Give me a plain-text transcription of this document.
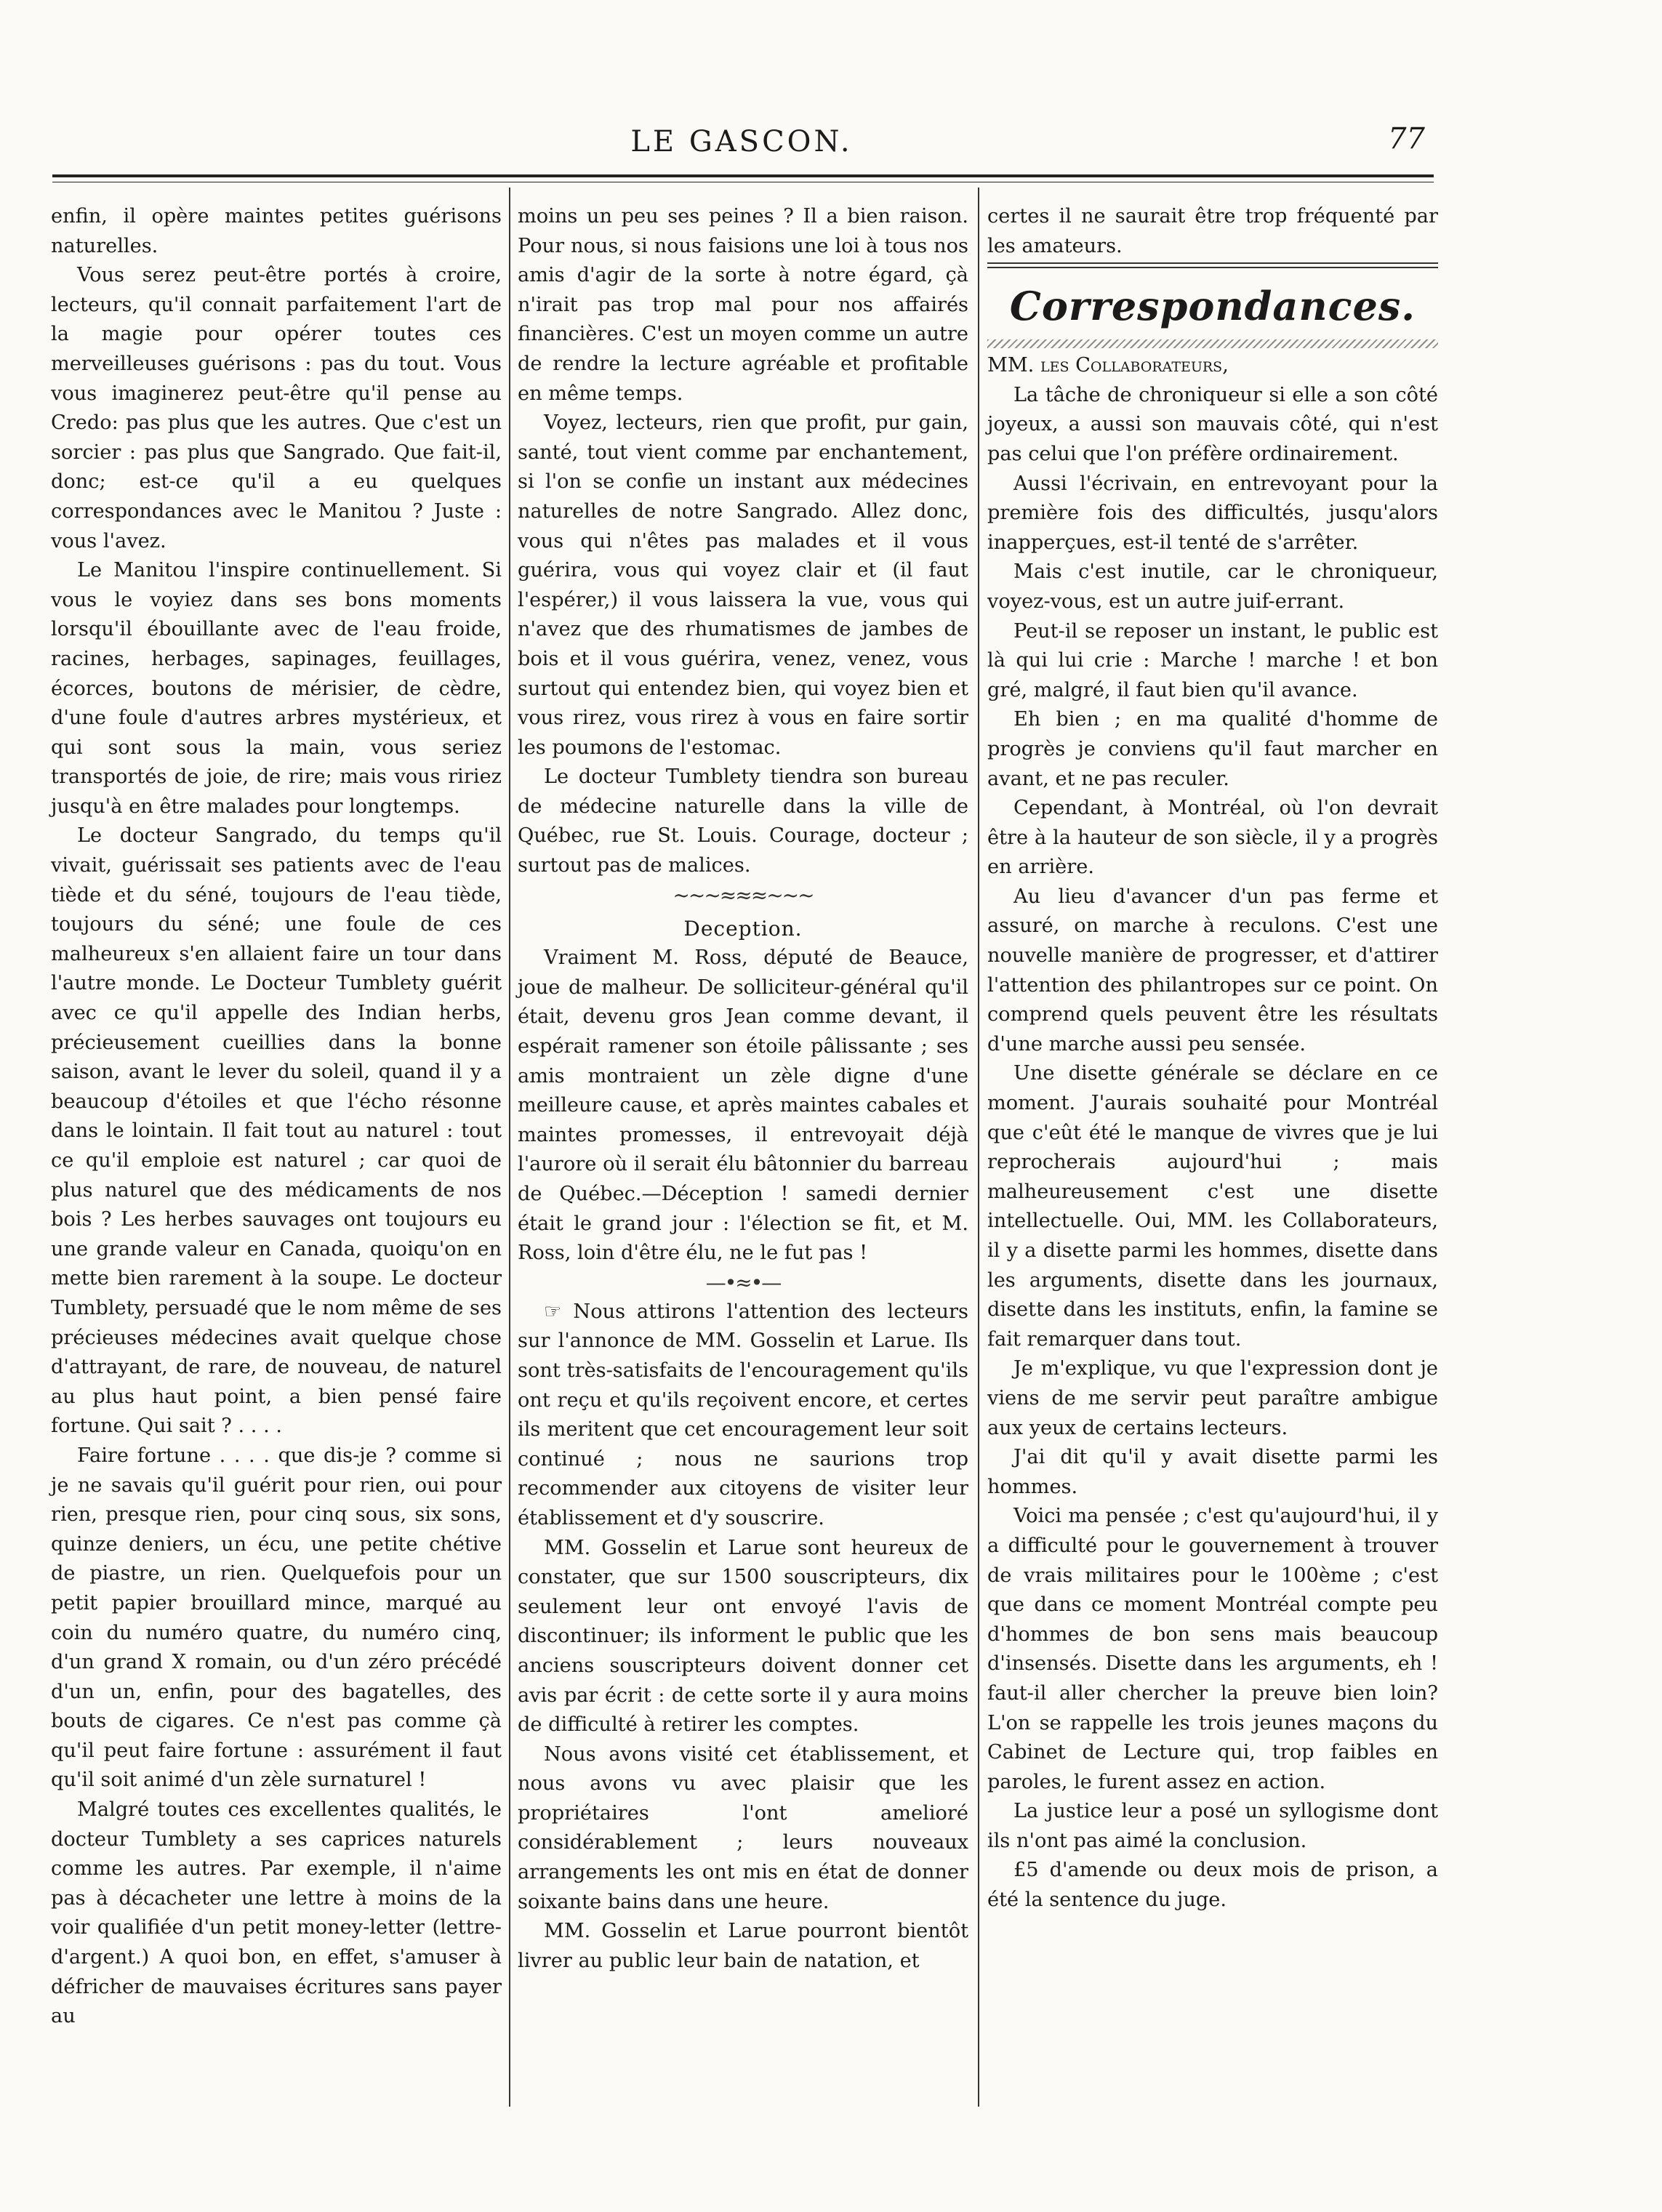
LE GASCON.	77

enfin, il opère maintes petites guérisons naturelles.

Vous serez peut-être portés à croire, lecteurs, qu'il connait parfaitement l'art de la magie pour opérer toutes ces merveilleuses guérisons : pas du tout. Vous vous imaginerez peut-être qu'il pense au Credo: pas plus que les autres. Que c'est un sorcier : pas plus que Sangrado. Que fait-il, donc; est-ce qu'il a eu quelques correspondances avec le Manitou ? Juste : vous l'avez.

Le Manitou l'inspire continuellement. Si vous le voyiez dans ses bons moments lorsqu'il ébouillante avec de l'eau froide, racines, herbages, sapinages, feuillages, écorces, boutons de mérisier, de cèdre, d'une foule d'autres arbres mystérieux, et qui sont sous la main, vous seriez transportés de joie, de rire; mais vous ririez jusqu'à en être malades pour longtemps.

Le docteur Sangrado, du temps qu'il vivait, guérissait ses patients avec de l'eau tiède et du séné, toujours de l'eau tiède, toujours du séné; une foule de ces malheureux s'en allaient faire un tour dans l'autre monde. Le Docteur Tumblety guérit avec ce qu'il appelle des Indian herbs, précieusement cueillies dans la bonne saison, avant le lever du soleil, quand il y a beaucoup d'étoiles et que l'écho résonne dans le lointain. Il fait tout au naturel : tout ce qu'il emploie est naturel ; car quoi de plus naturel que des médicaments de nos bois ? Les herbes sauvages ont toujours eu une grande valeur en Canada, quoiqu'on en mette bien rarement à la soupe. Le docteur Tumblety, persuadé que le nom même de ses précieuses médecines avait quelque chose d'attrayant, de rare, de nouveau, de naturel au plus haut point, a bien pensé faire fortune. Qui sait ? . . . .

Faire fortune . . . . que dis-je ? comme si je ne savais qu'il guérit pour rien, oui pour rien, presque rien, pour cinq sous, six sons, quinze deniers, un écu, une petite chétive de piastre, un rien. Quelquefois pour un petit papier brouillard mince, marqué au coin du numéro quatre, du numéro cinq, d'un grand X romain, ou d'un zéro précédé d'un un, enfin, pour des bagatelles, des bouts de cigares. Ce n'est pas comme çà qu'il peut faire fortune : assurément il faut qu'il soit animé d'un zèle surnaturel !

Malgré toutes ces excellentes qualités, le docteur Tumblety a ses caprices naturels comme les autres. Par exemple, il n'aime pas à décacheter une lettre à moins de la voir qualifiée d'un petit money-letter (lettre-d'argent.) A quoi bon, en effet, s'amuser à défricher de mauvaises écritures sans payer au

moins un peu ses peines ? Il a bien raison. Pour nous, si nous faisions une loi à tous nos amis d'agir de la sorte à notre égard, çà n'irait pas trop mal pour nos affairés financières. C'est un moyen comme un autre de rendre la lecture agréable et profitable en même temps.

Voyez, lecteurs, rien que profit, pur gain, santé, tout vient comme par enchantement, si l'on se confie un instant aux médecines naturelles de notre Sangrado. Allez donc, vous qui n'êtes pas malades et il vous guérira, vous qui voyez clair et (il faut l'espérer,) il vous laissera la vue, vous qui n'avez que des rhumatismes de jambes de bois et il vous guérira, venez, venez, vous surtout qui entendez bien, qui voyez bien et vous rirez, vous rirez à vous en faire sortir les poumons de l'estomac.

Le docteur Tumblety tiendra son bureau de médecine naturelle dans la ville de Québec, rue St. Louis. Courage, docteur ; surtout pas de malices.

~~~≈≈≈~~~

Deception.

Vraiment M. Ross, député de Beauce, joue de malheur. De solliciteur-général qu'il était, devenu gros Jean comme devant, il espérait ramener son étoile pâlissante ; ses amis montraient un zèle digne d'une meilleure cause, et après maintes cabales et maintes promesses, il entrevoyait déjà l'aurore où il serait élu bâtonnier du barreau de Québec.—Déception ! samedi dernier était le grand jour : l'élection se fit, et M. Ross, loin d'être élu, ne le fut pas !

—•≈•—

☞ Nous attirons l'attention des lecteurs sur l'annonce de MM. Gosselin et Larue. Ils sont très-satisfaits de l'encouragement qu'ils ont reçu et qu'ils reçoivent encore, et certes ils meritent que cet encouragement leur soit continué ; nous ne saurions trop recommender aux citoyens de visiter leur établissement et d'y souscrire.

MM. Gosselin et Larue sont heureux de constater, que sur 1500 souscripteurs, dix seulement leur ont envoyé l'avis de discontinuer; ils informent le public que les anciens souscripteurs doivent donner cet avis par écrit : de cette sorte il y aura moins de difficulté à retirer les comptes.

Nous avons visité cet établissement, et nous avons vu avec plaisir que les propriétaires l'ont amelioré considérablement ; leurs nouveaux arrangements les ont mis en état de donner soixante bains dans une heure.

MM. Gosselin et Larue pourront bientôt livrer au public leur bain de natation, et

certes il ne saurait être trop fréquenté par les amateurs.

Correspondances.

MM. les Collaborateurs,

La tâche de chroniqueur si elle a son côté joyeux, a aussi son mauvais côté, qui n'est pas celui que l'on préfère ordinairement.

Aussi l'écrivain, en entrevoyant pour la première fois des difficultés, jusqu'alors inapperçues, est-il tenté de s'arrêter.

Mais c'est inutile, car le chroniqueur, voyez-vous, est un autre juif-errant.

Peut-il se reposer un instant, le public est là qui lui crie : Marche ! marche ! et bon gré, malgré, il faut bien qu'il avance.

Eh bien ; en ma qualité d'homme de progrès je conviens qu'il faut marcher en avant, et ne pas reculer.

Cependant, à Montréal, où l'on devrait être à la hauteur de son siècle, il y a progrès en arrière.

Au lieu d'avancer d'un pas ferme et assuré, on marche à reculons. C'est une nouvelle manière de progresser, et d'attirer l'attention des philantropes sur ce point. On comprend quels peuvent être les résultats d'une marche aussi peu sensée.

Une disette générale se déclare en ce moment. J'aurais souhaité pour Montréal que c'eût été le manque de vivres que je lui reprocherais aujourd'hui ; mais malheureusement c'est une disette intellectuelle. Oui, MM. les Collaborateurs, il y a disette parmi les hommes, disette dans les arguments, disette dans les journaux, disette dans les instituts, enfin, la famine se fait remarquer dans tout.

Je m'explique, vu que l'expression dont je viens de me servir peut paraître ambigue aux yeux de certains lecteurs.

J'ai dit qu'il y avait disette parmi les hommes.

Voici ma pensée ; c'est qu'aujourd'hui, il y a difficulté pour le gouvernement à trouver de vrais militaires pour le 100ème ; c'est que dans ce moment Montréal compte peu d'hommes de bon sens mais beaucoup d'insensés. Disette dans les arguments, eh ! faut-il aller chercher la preuve bien loin? L'on se rappelle les trois jeunes maçons du Cabinet de Lecture qui, trop faibles en paroles, le furent assez en action.

La justice leur a posé un syllogisme dont ils n'ont pas aimé la conclusion.

£5 d'amende ou deux mois de prison, a été la sentence du juge.
